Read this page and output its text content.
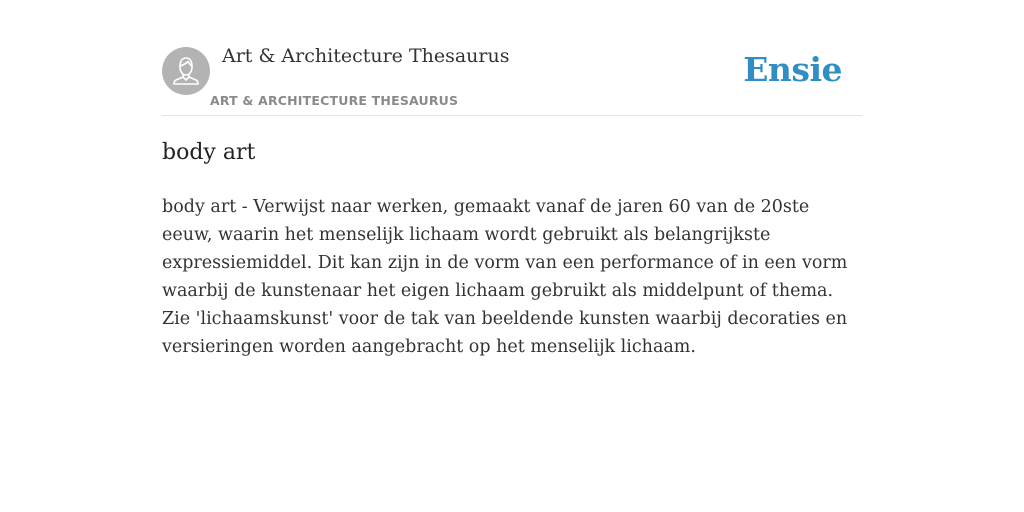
Art & Architecture Thesaurus
ART & ARCHITECTURE THESAURUS
Ensie
body art

body art - Verwijst naar werken, gemaakt vanaf de jaren 60 van de 20ste eeuw, waarin het menselijk lichaam wordt gebruikt als belangrijkste expressiemiddel. Dit kan zijn in de vorm van een performance of in een vorm waarbij de kunstenaar het eigen lichaam gebruikt als middelpunt of thema. Zie 'lichaamskunst' voor de tak van beeldende kunsten waarbij decoraties en versieringen worden aangebracht op het menselijk lichaam.
